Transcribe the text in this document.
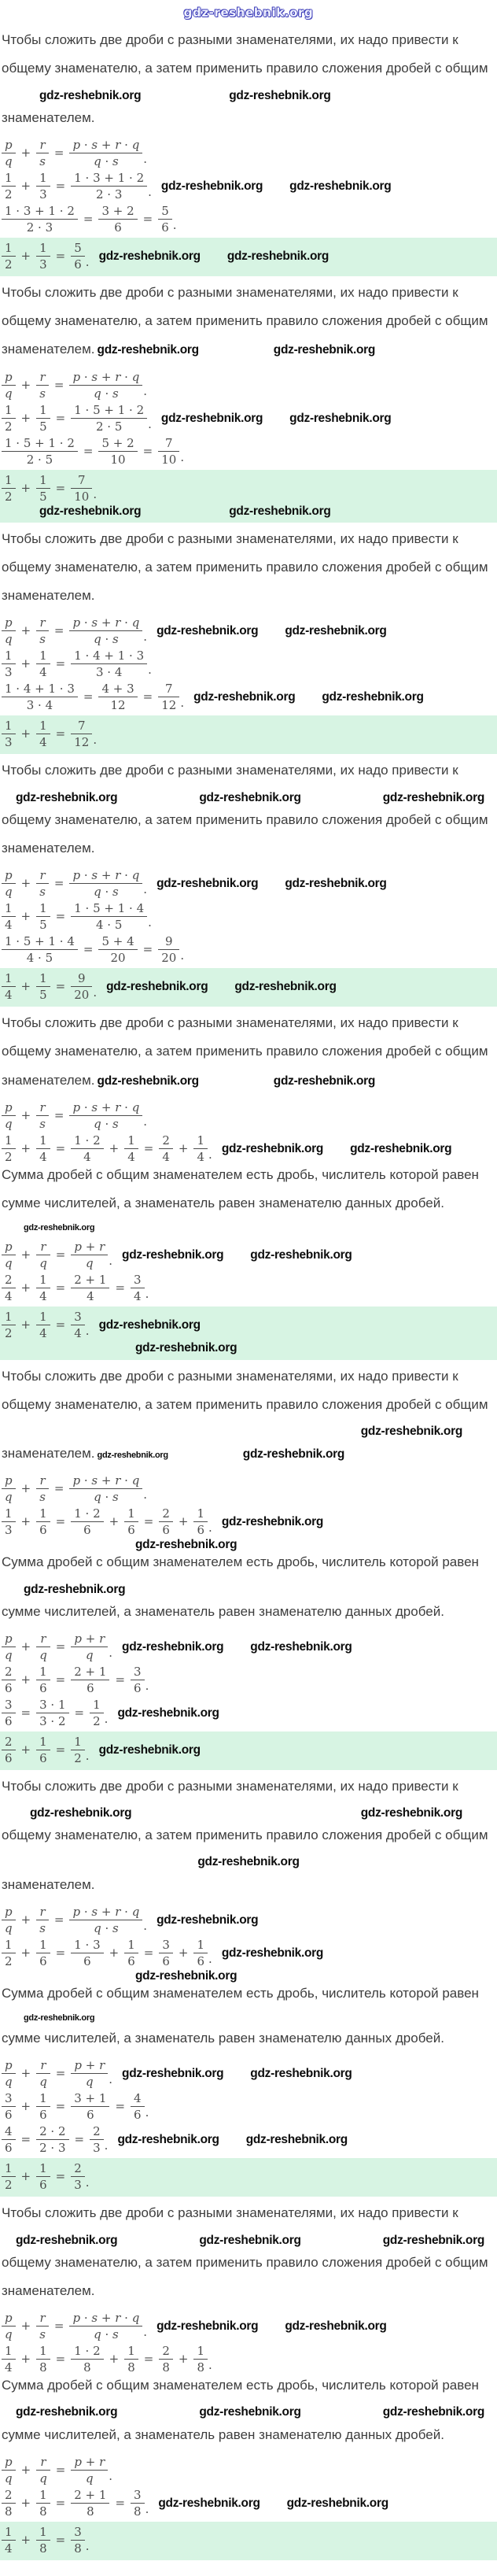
gdz-reshebnik.org

Чтобы сложить две дроби с разными знаменателями, их надо привести к

общему знаменателю, а затем применить правило сложения дробей с общим

gdz-reshebnik.org	gdz-reshebnik.org

знаменателем.

$\frac{p}{q} + \frac{r}{s} = \frac{p \cdot s + r \cdot q}{q \cdot s}$ .
$\frac{1}{2} + \frac{1}{3} = \frac{1 \cdot 3 + 1 \cdot 2}{2 \cdot 3}$ . gdz-reshebnik.org gdz-reshebnik.org
$\frac{1 \cdot 3 + 1 \cdot 2}{2 \cdot 3} = \frac{3 + 2}{6} = \frac{5}{6}$ .
$\frac{1}{2} + \frac{1}{3} = \frac{5}{6}$ . gdz-reshebnik.org gdz-reshebnik.org

Чтобы сложить две дроби с разными знаменателями, их надо привести к

общему знаменателю, а затем применить правило сложения дробей с общим

знаменателем. gdz-reshebnik.org	gdz-reshebnik.org

$\frac{p}{q} + \frac{r}{s} = \frac{p \cdot s + r \cdot q}{q \cdot s}$ .
$\frac{1}{2} + \frac{1}{5} = \frac{1 \cdot 5 + 1 \cdot 2}{2 \cdot 5}$ . gdz-reshebnik.org gdz-reshebnik.org
$\frac{1 \cdot 5 + 1 \cdot 2}{2 \cdot 5} = \frac{5 + 2}{10} = \frac{7}{10}$ .
$\frac{1}{2} + \frac{1}{5} = \frac{7}{10}$ .
gdz-reshebnik.org	gdz-reshebnik.org

Чтобы сложить две дроби с разными знаменателями, их надо привести к

общему знаменателю, а затем применить правило сложения дробей с общим

знаменателем.

$\frac{p}{q} + \frac{r}{s} = \frac{p \cdot s + r \cdot q}{q \cdot s}$ . gdz-reshebnik.org gdz-reshebnik.org
$\frac{1}{3} + \frac{1}{4} = \frac{1 \cdot 4 + 1 \cdot 3}{3 \cdot 4}$ .
$\frac{1 \cdot 4 + 1 \cdot 3}{3 \cdot 4} = \frac{4 + 3}{12} = \frac{7}{12}$ . gdz-reshebnik.org gdz-reshebnik.org
$\frac{1}{3} + \frac{1}{4} = \frac{7}{12}$ .

Чтобы сложить две дроби с разными знаменателями, их надо привести к

gdz-reshebnik.org	gdz-reshebnik.org	gdz-reshebnik.org

общему знаменателю, а затем применить правило сложения дробей с общим

знаменателем.

$\frac{p}{q} + \frac{r}{s} = \frac{p \cdot s + r \cdot q}{q \cdot s}$ . gdz-reshebnik.org gdz-reshebnik.org
$\frac{1}{4} + \frac{1}{5} = \frac{1 \cdot 5 + 1 \cdot 4}{4 \cdot 5}$ .
$\frac{1 \cdot 5 + 1 \cdot 4}{4 \cdot 5} = \frac{5 + 4}{20} = \frac{9}{20}$ .
$\frac{1}{4} + \frac{1}{5} = \frac{9}{20}$ . gdz-reshebnik.org gdz-reshebnik.org

Чтобы сложить две дроби с разными знаменателями, их надо привести к

общему знаменателю, а затем применить правило сложения дробей с общим

знаменателем. gdz-reshebnik.org	gdz-reshebnik.org

$\frac{p}{q} + \frac{r}{s} = \frac{p \cdot s + r \cdot q}{q \cdot s}$ .
$\frac{1}{2} + \frac{1}{4} = \frac{1 \cdot 2}{4} + \frac{1}{4} = \frac{2}{4} + \frac{1}{4}$ . gdz-reshebnik.org gdz-reshebnik.org

Сумма дробей с общим знаменателем есть дробь, числитель которой равен

сумме числителей, а знаменатель равен знаменателю данных дробей.

gdz-reshebnik.org
$\frac{p}{q} + \frac{r}{q} = \frac{p + r}{q}$ . gdz-reshebnik.org gdz-reshebnik.org
$\frac{2}{4} + \frac{1}{4} = \frac{2 + 1}{4} = \frac{3}{4}$ .
$\frac{1}{2} + \frac{1}{4} = \frac{3}{4}$ . gdz-reshebnik.org
gdz-reshebnik.org

Чтобы сложить две дроби с разными знаменателями, их надо привести к

общему знаменателю, а затем применить правило сложения дробей с общим

gdz-reshebnik.org

знаменателем. gdz-reshebnik.org	gdz-reshebnik.org

$\frac{p}{q} + \frac{r}{s} = \frac{p \cdot s + r \cdot q}{q \cdot s}$ .
$\frac{1}{3} + \frac{1}{6} = \frac{1 \cdot 2}{6} + \frac{1}{6} = \frac{2}{6} + \frac{1}{6}$ . gdz-reshebnik.org
gdz-reshebnik.org

Сумма дробей с общим знаменателем есть дробь, числитель которой равен

gdz-reshebnik.org

сумме числителей, а знаменатель равен знаменателю данных дробей.

$\frac{p}{q} + \frac{r}{q} = \frac{p + r}{q}$ . gdz-reshebnik.org gdz-reshebnik.org
$\frac{2}{6} + \frac{1}{6} = \frac{2 + 1}{6} = \frac{3}{6}$ .
$\frac{3}{6} = \frac{3 \cdot 1}{3 \cdot 2} = \frac{1}{2}$ . gdz-reshebnik.org
$\frac{2}{6} + \frac{1}{6} = \frac{1}{2}$ . gdz-reshebnik.org

Чтобы сложить две дроби с разными знаменателями, их надо привести к

gdz-reshebnik.org	gdz-reshebnik.org

общему знаменателю, а затем применить правило сложения дробей с общим

gdz-reshebnik.org

знаменателем.

$\frac{p}{q} + \frac{r}{s} = \frac{p \cdot s + r \cdot q}{q \cdot s}$ . gdz-reshebnik.org
$\frac{1}{2} + \frac{1}{6} = \frac{1 \cdot 3}{6} + \frac{1}{6} = \frac{3}{6} + \frac{1}{6}$ . gdz-reshebnik.org
gdz-reshebnik.org

Сумма дробей с общим знаменателем есть дробь, числитель которой равен

gdz-reshebnik.org

сумме числителей, а знаменатель равен знаменателю данных дробей.

$\frac{p}{q} + \frac{r}{q} = \frac{p + r}{q}$ . gdz-reshebnik.org gdz-reshebnik.org
$\frac{3}{6} + \frac{1}{6} = \frac{3 + 1}{6} = \frac{4}{6}$ .
$\frac{4}{6} = \frac{2 \cdot 2}{2 \cdot 3} = \frac{2}{3}$ . gdz-reshebnik.org gdz-reshebnik.org
$\frac{1}{2} + \frac{1}{6} = \frac{2}{3}$ .

Чтобы сложить две дроби с разными знаменателями, их надо привести к

gdz-reshebnik.org	gdz-reshebnik.org	gdz-reshebnik.org

общему знаменателю, а затем применить правило сложения дробей с общим

знаменателем.

$\frac{p}{q} + \frac{r}{s} = \frac{p \cdot s + r \cdot q}{q \cdot s}$ . gdz-reshebnik.org gdz-reshebnik.org
$\frac{1}{4} + \frac{1}{8} = \frac{1 \cdot 2}{8} + \frac{1}{8} = \frac{2}{8} + \frac{1}{8}$ .

Сумма дробей с общим знаменателем есть дробь, числитель которой равен

gdz-reshebnik.org	gdz-reshebnik.org	gdz-reshebnik.org

сумме числителей, а знаменатель равен знаменателю данных дробей.

$\frac{p}{q} + \frac{r}{q} = \frac{p + r}{q}$ .
$\frac{2}{8} + \frac{1}{8} = \frac{2 + 1}{8} = \frac{3}{8}$ . gdz-reshebnik.org gdz-reshebnik.org
$\frac{1}{4} + \frac{1}{8} = \frac{3}{8}$ .
